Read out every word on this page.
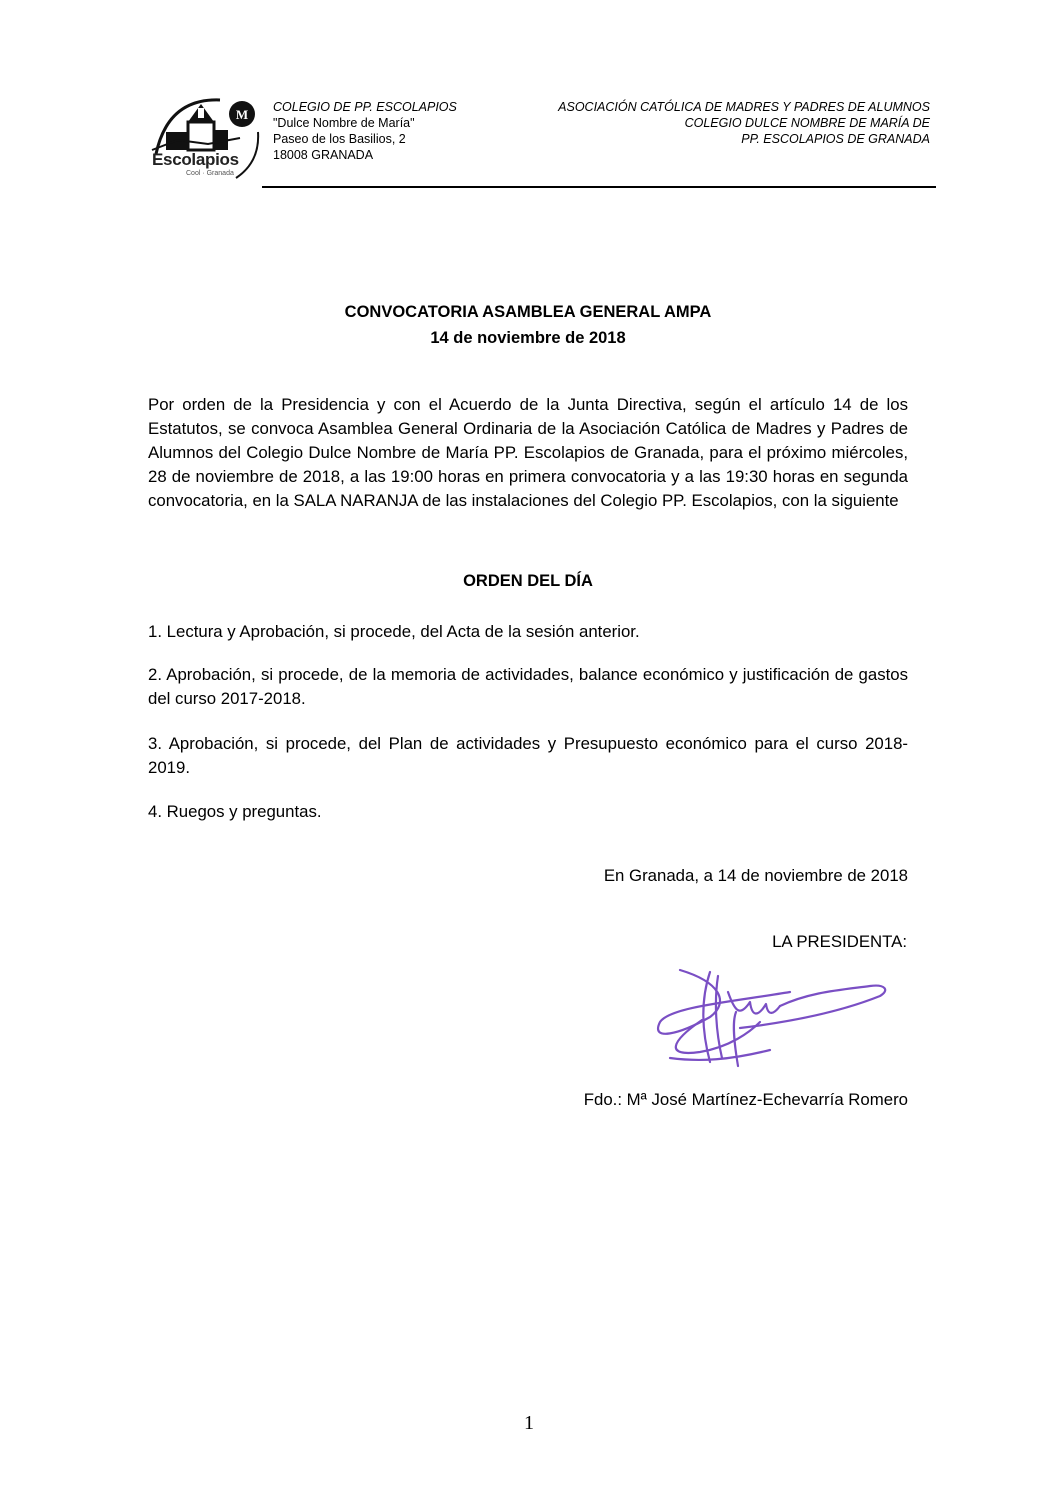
M
Escolapios
Cool · Granada
COLEGIO DE PP. ESCOLAPIOS
"Dulce Nombre de María"
Paseo de los Basilios, 2
18008 GRANADA
ASOCIACIÓN CATÓLICA DE MADRES Y PADRES DE ALUMNOS
COLEGIO DULCE NOMBRE DE MARÍA DE
PP. ESCOLAPIOS DE GRANADA
CONVOCATORIA ASAMBLEA GENERAL AMPA
14 de noviembre de 2018
Por orden de la Presidencia y con el Acuerdo de la Junta Directiva, según el artículo 14 de los Estatutos, se convoca Asamblea General Ordinaria de la Asociación Católica de Madres y Padres de Alumnos del Colegio Dulce Nombre de María PP. Escolapios de Granada, para el próximo miércoles, 28 de noviembre de 2018, a las 19:00 horas en primera convocatoria y a las 19:30 horas en segunda convocatoria, en la SALA NARANJA de las instalaciones del Colegio PP. Escolapios, con la siguiente
ORDEN DEL DÍA
1. Lectura y Aprobación, si procede, del Acta de la sesión anterior.
2. Aprobación, si procede, de la memoria de actividades, balance económico y justificación de gastos del curso 2017-2018.
3. Aprobación, si procede, del Plan de actividades y Presupuesto económico para el curso 2018-2019.
4. Ruegos y preguntas.
En Granada, a 14 de noviembre de 2018
LA PRESIDENTA:
Fdo.: Mª José Martínez-Echevarría Romero
1
